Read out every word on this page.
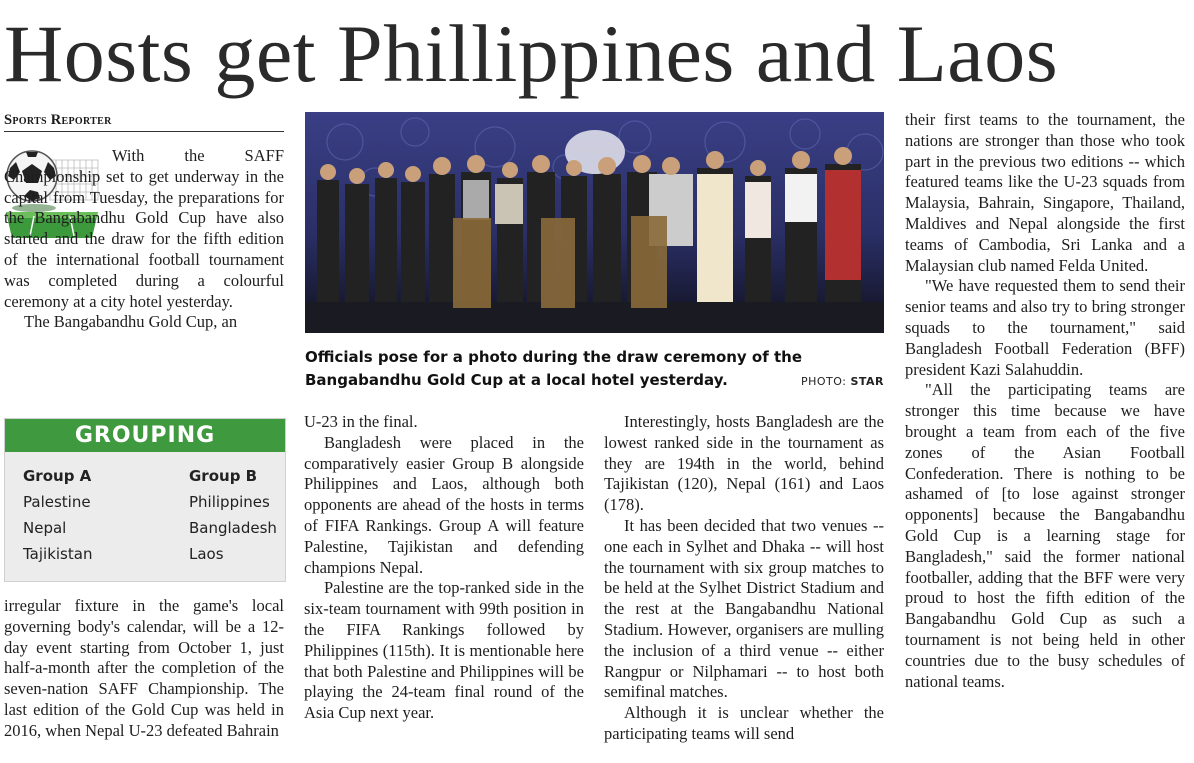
Hosts get Phillippines and Laos
Sports Reporter

With the SAFF Championship set to get underway in the capital from Tuesday, the preparations for the Bangabandhu Gold Cup have also started and the draw for the fifth edition of the international football tournament was completed during a colourful ceremony at a city hotel yesterday.

The Bangabandhu Gold Cup, an

GROUPING
Group A
Palestine
Nepal
Tajikistan
Group B
Philippines
Bangladesh
Laos

irregular fixture in the game's local governing body's calendar, will be a 12-day event starting from October 1, just half-a-month after the completion of the seven-nation SAFF Championship. The last edition of the Gold Cup was held in 2016, when Nepal U-23 defeated Bahrain

Officials pose for a photo during the draw ceremony of the Bangabandhu Gold Cup at a local hotel yesterday.	PHOTO: STAR

U-23 in the final.

Bangladesh were placed in the comparatively easier Group B alongside Philippines and Laos, although both opponents are ahead of the hosts in terms of FIFA Rankings. Group A will feature Palestine, Tajikistan and defending champions Nepal.

Palestine are the top-ranked side in the six-team tournament with 99th position in the FIFA Rankings followed by Philippines (115th). It is mentionable here that both Palestine and Philippines will be playing the 24-team final round of the Asia Cup next year.

Interestingly, hosts Bangladesh are the lowest ranked side in the tournament as they are 194th in the world, behind Tajikistan (120), Nepal (161) and Laos (178).

It has been decided that two venues -- one each in Sylhet and Dhaka -- will host the tournament with six group matches to be held at the Sylhet District Stadium and the rest at the Bangabandhu National Stadium. However, organisers are mulling the inclusion of a third venue -- either Rangpur or Nilphamari -- to host both semifinal matches.

Although it is unclear whether the participating teams will send

their first teams to the tournament, the nations are stronger than those who took part in the previous two editions -- which featured teams like the U-23 squads from Malaysia, Bahrain, Singapore, Thailand, Maldives and Nepal alongside the first teams of Cambodia, Sri Lanka and a Malaysian club named Felda United.

"We have requested them to send their senior teams and also try to bring stronger squads to the tournament," said Bangladesh Football Federation (BFF) president Kazi Salahuddin.

"All the participating teams are stronger this time because we have brought a team from each of the five zones of the Asian Football Confederation. There is nothing to be ashamed of [to lose against stronger opponents] because the Bangabandhu Gold Cup is a learning stage for Bangladesh," said the former national footballer, adding that the BFF were very proud to host the fifth edition of the Bangabandhu Gold Cup as such a tournament is not being held in other countries due to the busy schedules of national teams.
